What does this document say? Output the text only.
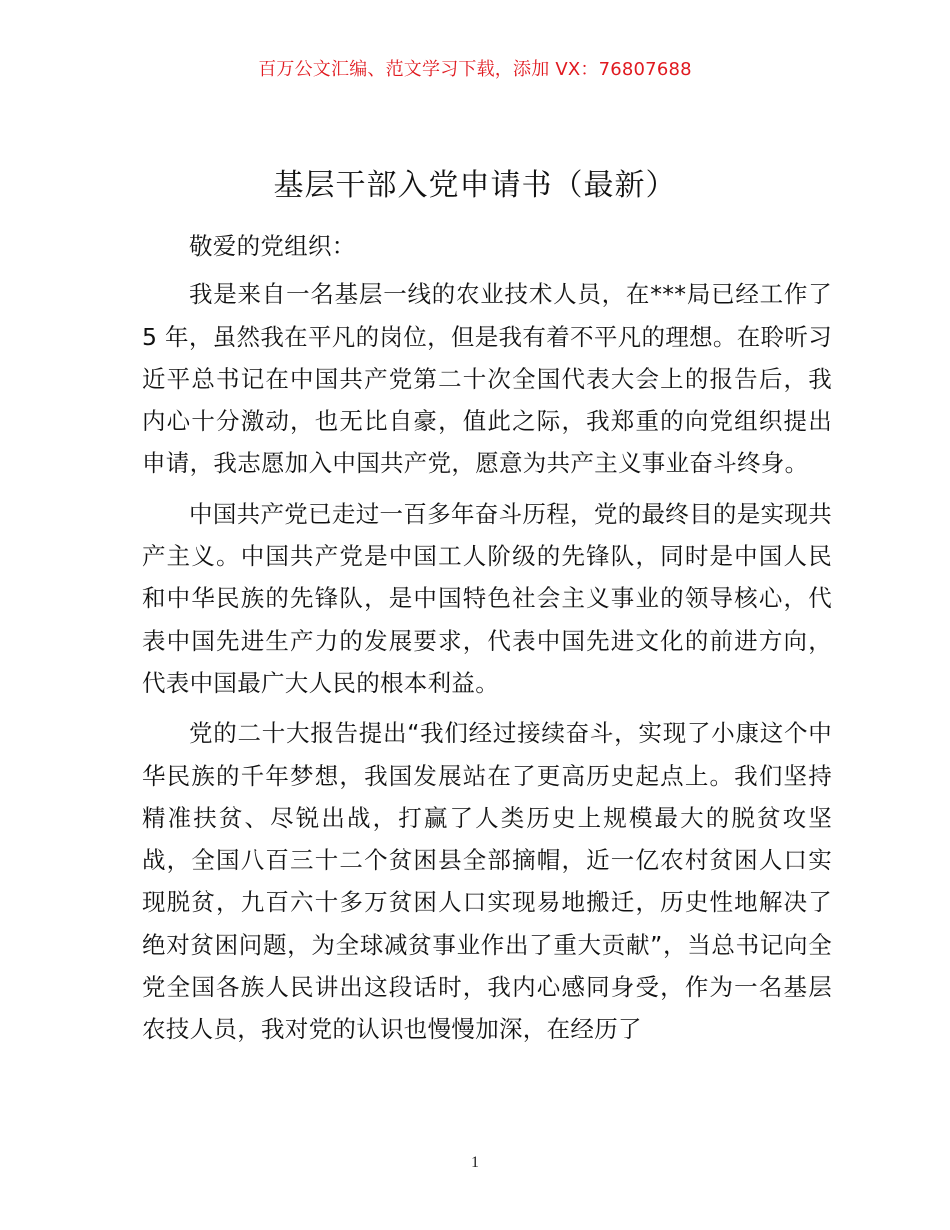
百万公文汇编、范文学习下载，添加 VX：76807688
基层干部入党申请书（最新）

敬爱的党组织：

我是来自一名基层一线的农业技术人员，在***局已经工作了 5 年，虽然我在平凡的岗位，但是我有着不平凡的理想。在聆听习近平总书记在中国共产党第二十次全国代表大会上的报告后，我内心十分激动，也无比自豪，值此之际，我郑重的向党组织提出申请，我志愿加入中国共产党，愿意为共产主义事业奋斗终身。

中国共产党已走过一百多年奋斗历程，党的最终目的是实现共产主义。中国共产党是中国工人阶级的先锋队，同时是中国人民和中华民族的先锋队，是中国特色社会主义事业的领导核心，代表中国先进生产力的发展要求，代表中国先进文化的前进方向，代表中国最广大人民的根本利益。

党的二十大报告提出“我们经过接续奋斗，实现了小康这个中华民族的千年梦想，我国发展站在了更高历史起点上。我们坚持精准扶贫、尽锐出战，打赢了人类历史上规模最大的脱贫攻坚战，全国八百三十二个贫困县全部摘帽，近一亿农村贫困人口实现脱贫，九百六十多万贫困人口实现易地搬迁，历史性地解决了绝对贫困问题，为全球减贫事业作出了重大贡献”，当总书记向全党全国各族人民讲出这段话时，我内心感同身受，作为一名基层农技人员，我对党的认识也慢慢加深，在经历了

1
